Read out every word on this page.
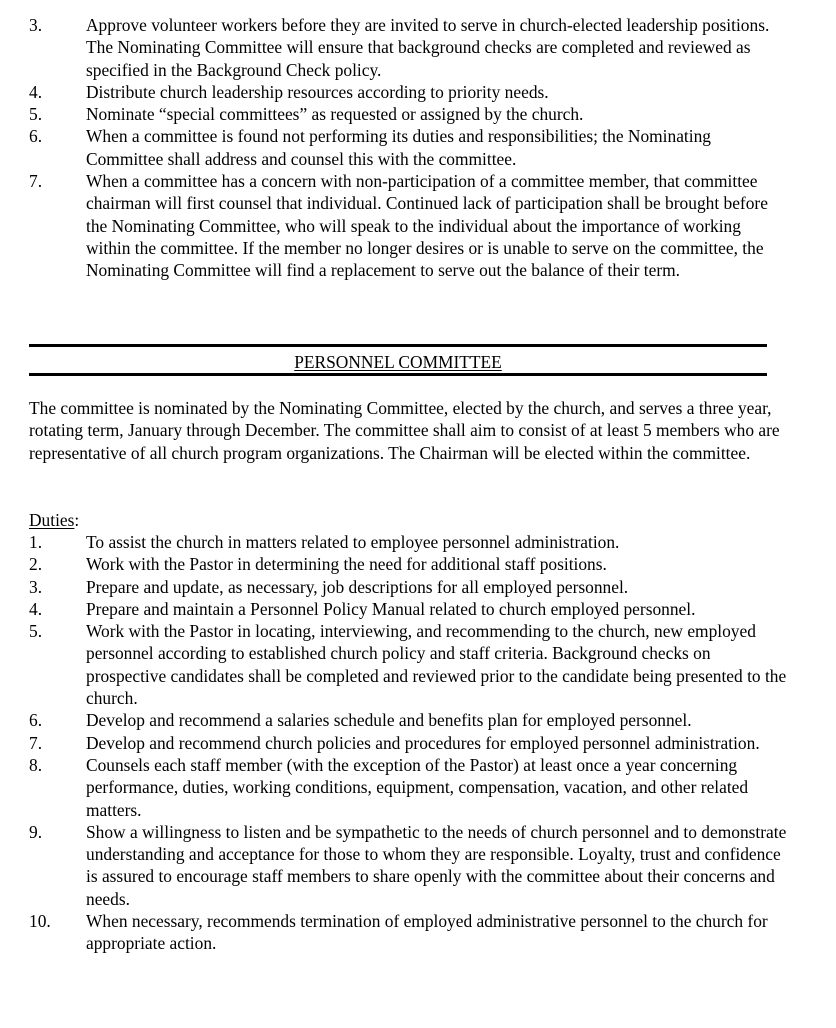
3.	Approve volunteer workers before they are invited to serve in church-elected leadership positions. The Nominating Committee will ensure that background checks are completed and reviewed as specified in the Background Check policy.
4.	Distribute church leadership resources according to priority needs.
5.	Nominate “special committees” as requested or assigned by the church.
6.	When a committee is found not performing its duties and responsibilities; the Nominating Committee shall address and counsel this with the committee.
7.	When a committee has a concern with non-participation of a committee member, that committee chairman will first counsel that individual. Continued lack of participation shall be brought before the Nominating Committee, who will speak to the individual about the importance of working within the committee. If the member no longer desires or is unable to serve on the committee, the Nominating Committee will find a replacement to serve out the balance of their term.
PERSONNEL COMMITTEE
The committee is nominated by the Nominating Committee, elected by the church, and serves a three year, rotating term, January through December. The committee shall aim to consist of at least 5 members who are representative of all church program organizations. The Chairman will be elected within the committee.
Duties:
1.	To assist the church in matters related to employee personnel administration.
2.	Work with the Pastor in determining the need for additional staff positions.
3.	Prepare and update, as necessary, job descriptions for all employed personnel.
4.	Prepare and maintain a Personnel Policy Manual related to church employed personnel.
5.	Work with the Pastor in locating, interviewing, and recommending to the church, new employed personnel according to established church policy and staff criteria. Background checks on prospective candidates shall be completed and reviewed prior to the candidate being presented to the church.
6.	Develop and recommend a salaries schedule and benefits plan for employed personnel.
7.	Develop and recommend church policies and procedures for employed personnel administration.
8.	Counsels each staff member (with the exception of the Pastor) at least once a year concerning performance, duties, working conditions, equipment, compensation, vacation, and other related matters.
9.	Show a willingness to listen and be sympathetic to the needs of church personnel and to demonstrate understanding and acceptance for those to whom they are responsible. Loyalty, trust and confidence is assured to encourage staff members to share openly with the committee about their concerns and needs.
10.	When necessary, recommends termination of employed administrative personnel to the church for appropriate action.
